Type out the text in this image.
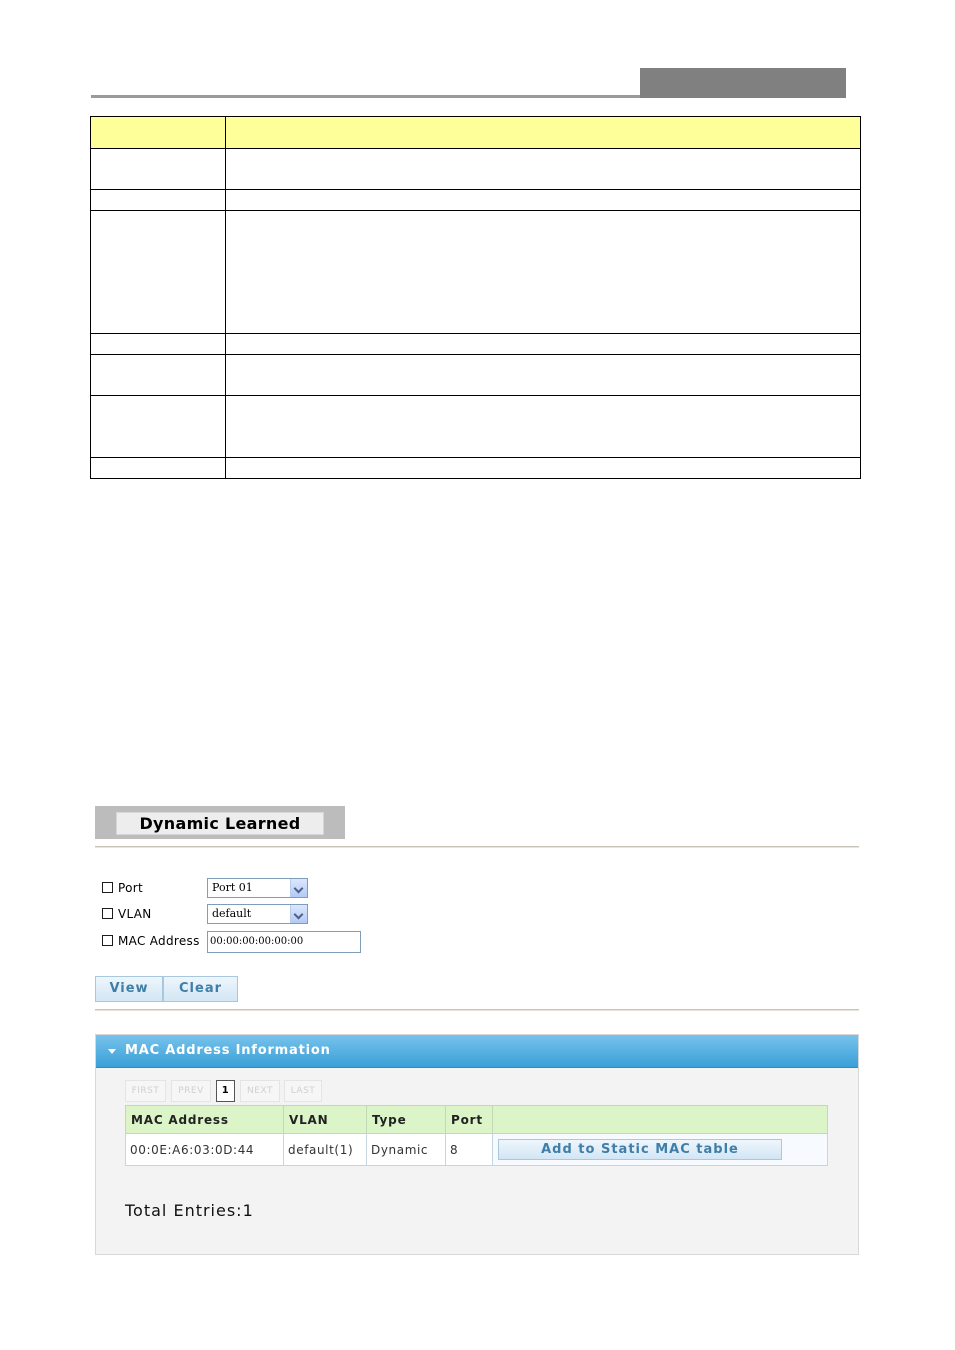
Dynamic Learned
Port	Port 01
VLAN	default
MAC Address	00:00:00:00:00:00
View	Clear
MAC Address Information
FIRST	PREV	1	NEXT	LAST
MAC Address	VLAN	Type	Port	
00:0E:A6:03:0D:44	default(1)	Dynamic	8	Add to Static MAC table
Total Entries:1
